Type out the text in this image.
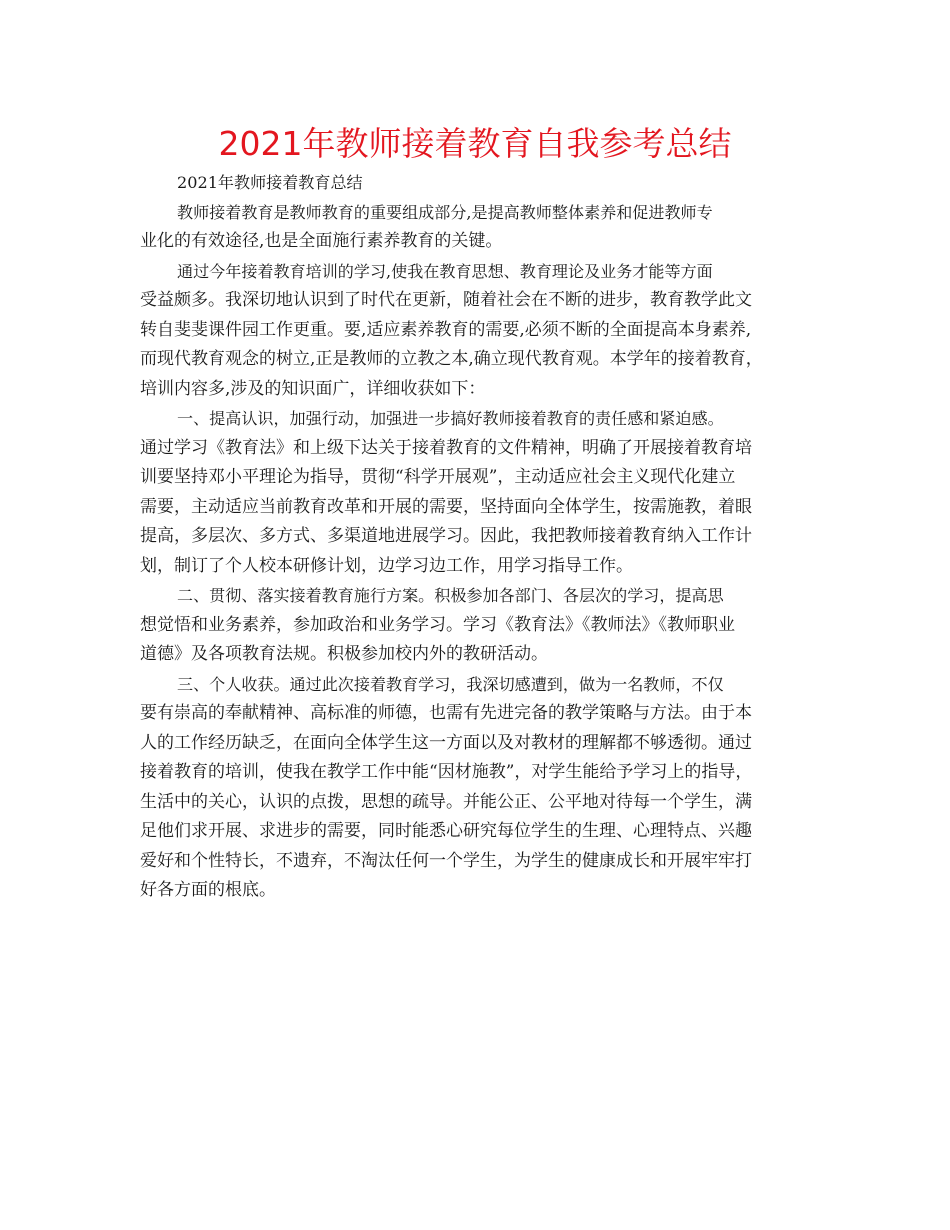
2021年教师接着教育自我参考总结

2021年教师接着教育总结

教师接着教育是教师教育的重要组成部分,是提高教师整体素养和促进教师专
业化的有效途径,也是全面施行素养教育的关键。

通过今年接着教育培训的学习,使我在教育思想、教育理论及业务才能等方面
受益颇多。我深切地认识到了时代在更新，随着社会在不断的进步，教育教学此文
转自斐斐课件园工作更重。要,适应素养教育的需要,必须不断的全面提高本身素养,
而现代教育观念的树立,正是教师的立教之本,确立现代教育观。本学年的接着教育，
培训内容多,涉及的知识面广，详细收获如下：

一、提高认识，加强行动，加强进一步搞好教师接着教育的责任感和紧迫感。
通过学习《教育法》和上级下达关于接着教育的文件精神，明确了开展接着教育培
训要坚持邓小平理论为指导，贯彻“科学开展观”，主动适应社会主义现代化建立
需要，主动适应当前教育改革和开展的需要，坚持面向全体学生，按需施教，着眼
提高，多层次、多方式、多渠道地进展学习。因此，我把教师接着教育纳入工作计
划，制订了个人校本研修计划，边学习边工作，用学习指导工作。

二、贯彻、落实接着教育施行方案。积极参加各部门、各层次的学习，提高思
想觉悟和业务素养，参加政治和业务学习。学习《教育法》《教师法》《教师职业
道德》及各项教育法规。积极参加校内外的教研活动。

三、个人收获。通过此次接着教育学习，我深切感遭到，做为一名教师，不仅
要有崇高的奉献精神、高标准的师德，也需有先进完备的教学策略与方法。由于本
人的工作经历缺乏，在面向全体学生这一方面以及对教材的理解都不够透彻。通过
接着教育的培训，使我在教学工作中能“因材施教”，对学生能给予学习上的指导，
生活中的关心，认识的点拨，思想的疏导。并能公正、公平地对待每一个学生，满
足他们求开展、求进步的需要，同时能悉心研究每位学生的生理、心理特点、兴趣
爱好和个性特长，不遗弃，不淘汰任何一个学生，为学生的健康成长和开展牢牢打
好各方面的根底。
